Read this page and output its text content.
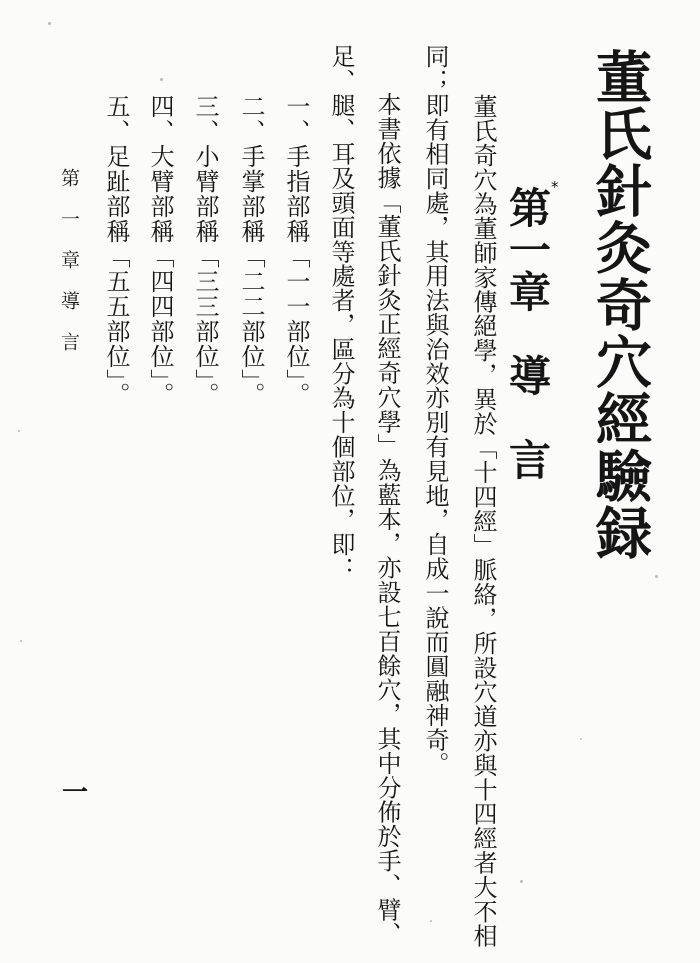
董氏針灸奇穴經驗録
第一章　導　言 *
董氏奇穴為董師家傳絕學，異於「十四經」脈絡，所設穴道亦與十四經者大不相
同；即有相同處，其用法與治效亦別有見地，自成一說而圓融神奇。
本書依據「董氏針灸正經奇穴學」為藍本，亦設七百餘穴，其中分佈於手、臂、
足、腿、耳及頭面等處者，區分為十個部位，即：
一、手指部稱「一一部位」。
二、手掌部稱「二二部位」。
三、小臂部稱「三三部位」。
四、大臂部稱「四四部位」。
五、足趾部稱「五五部位」。
第一章導言
一
